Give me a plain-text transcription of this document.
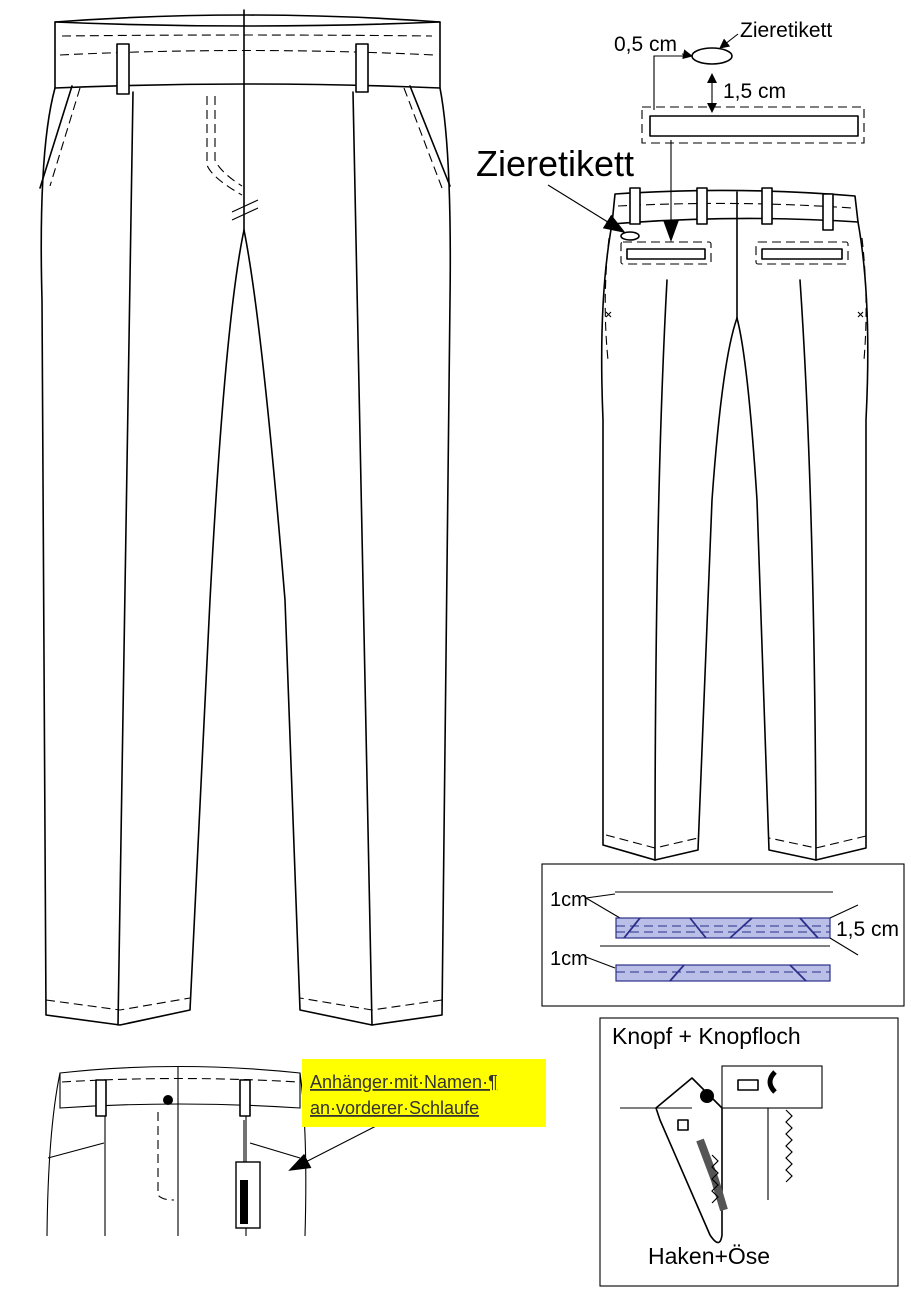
Zieretikett
0,5 cm
1,5 cm
Zieretikett
1cm
1,5 cm
1cm
Knopf + Knopfloch
Haken+Öse
Anhänger·mit·Namen·¶
an·vorderer·Schlaufe
